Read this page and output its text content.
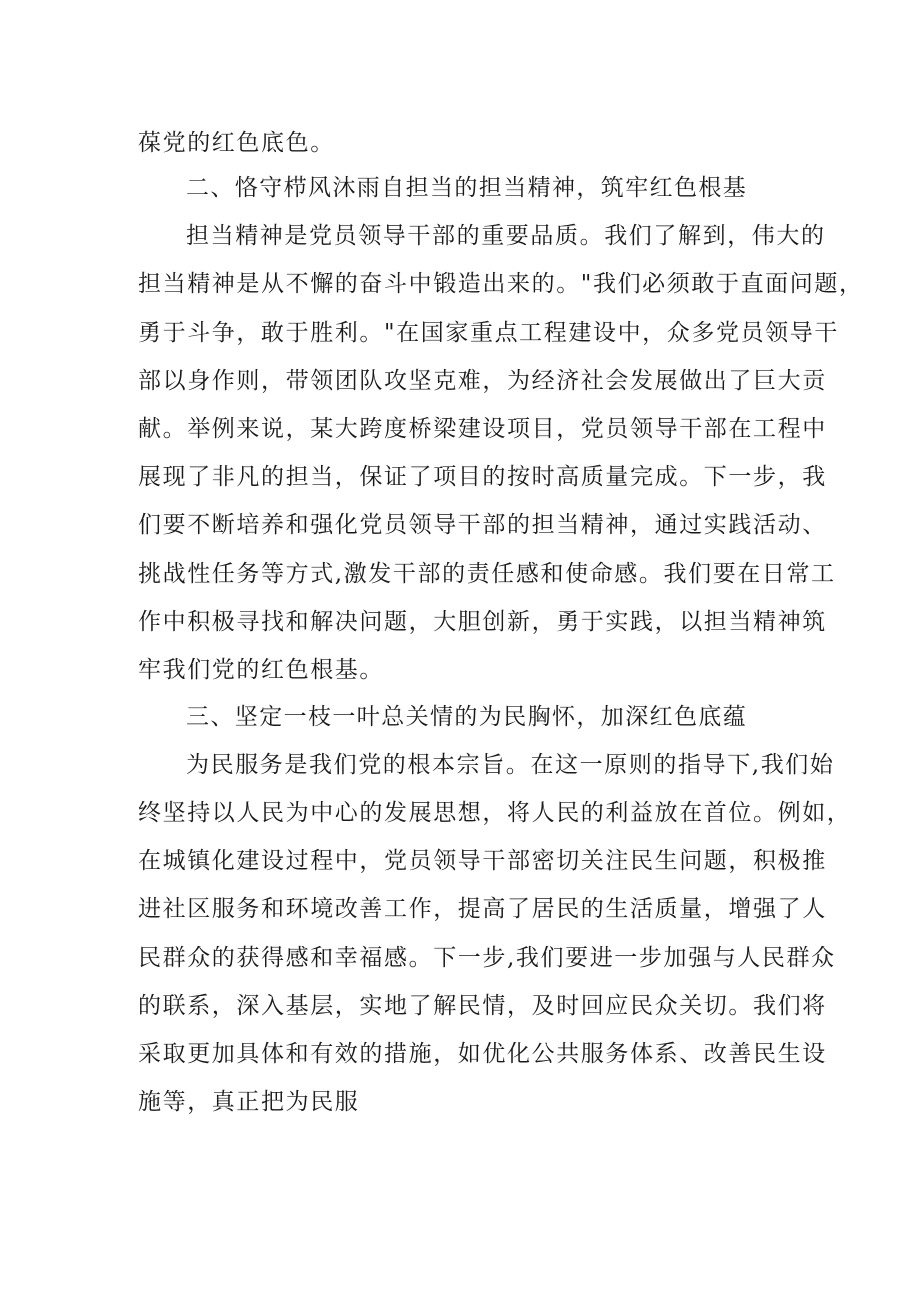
葆党的红色底色。
二、恪守栉风沐雨自担当的担当精神，筑牢红色根基
担当精神是党员领导干部的重要品质。我们了解到，伟大的
担当精神是从不懈的奋斗中锻造出来的。"我们必须敢于直面问题，
勇于斗争，敢于胜利。"在国家重点工程建设中，众多党员领导干
部以身作则，带领团队攻坚克难，为经济社会发展做出了巨大贡
献。举例来说，某大跨度桥梁建设项目，党员领导干部在工程中
展现了非凡的担当，保证了项目的按时高质量完成。下一步，我
们要不断培养和强化党员领导干部的担当精神，通过实践活动、
挑战性任务等方式,激发干部的责任感和使命感。我们要在日常工
作中积极寻找和解决问题，大胆创新，勇于实践，以担当精神筑
牢我们党的红色根基。
三、坚定一枝一叶总关情的为民胸怀，加深红色底蕴
为民服务是我们党的根本宗旨。在这一原则的指导下,我们始
终坚持以人民为中心的发展思想，将人民的利益放在首位。例如，
在城镇化建设过程中，党员领导干部密切关注民生问题，积极推
进社区服务和环境改善工作，提高了居民的生活质量，增强了人
民群众的获得感和幸福感。下一步,我们要进一步加强与人民群众
的联系，深入基层，实地了解民情，及时回应民众关切。我们将
采取更加具体和有效的措施，如优化公共服务体系、改善民生设
施等，真正把为民服
